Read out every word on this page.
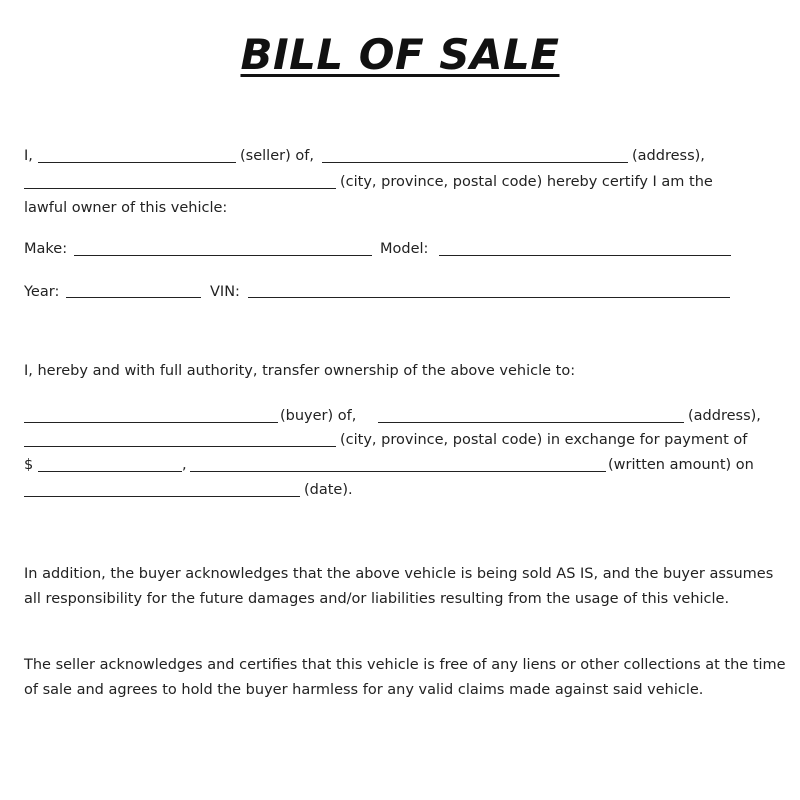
BILL OF SALE
I,	(seller) of,	(address),
(city, province, postal code) hereby certify I am the
lawful owner of this vehicle:
Make:	Model:
Year:	VIN:
I, hereby and with full authority, transfer ownership of the above vehicle to:
(buyer) of,	(address),
(city, province, postal code) in exchange for payment of
$	,	(written amount) on
(date).
In addition, the buyer acknowledges that the above vehicle is being sold AS IS, and the buyer assumes all responsibility for the future damages and/or liabilities resulting from the usage of this vehicle.
The seller acknowledges and certifies that this vehicle is free of any liens or other collections at the time of sale and agrees to hold the buyer harmless for any valid claims made against said vehicle.
